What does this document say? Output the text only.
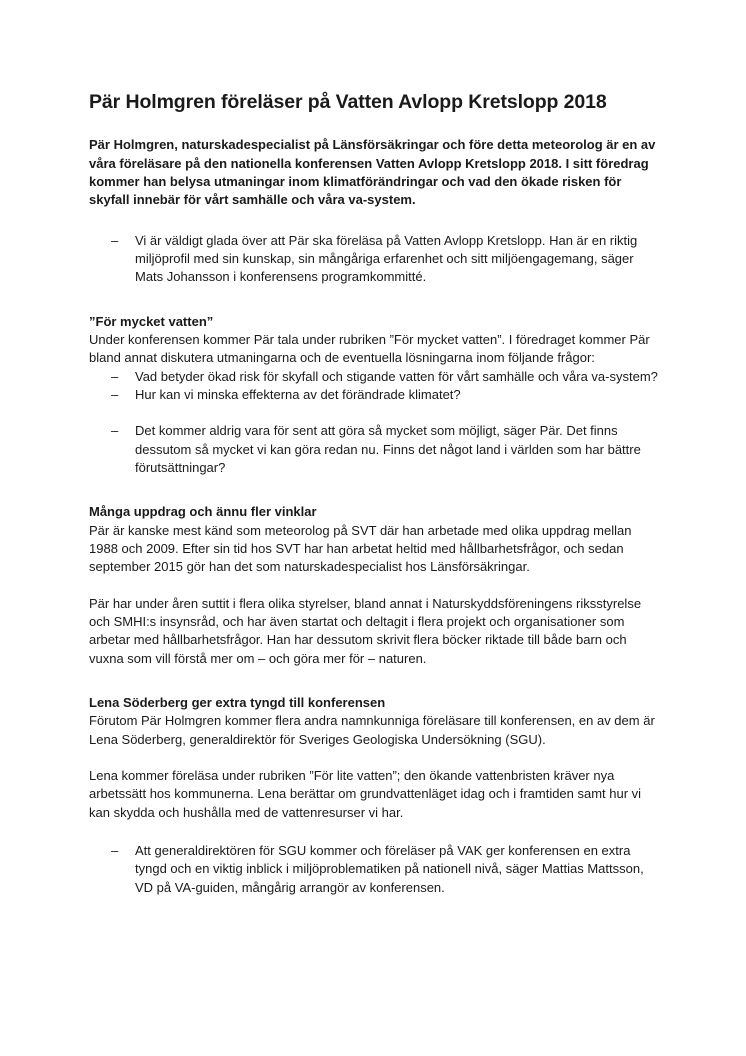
Pär Holmgren föreläser på Vatten Avlopp Kretslopp 2018
Pär Holmgren, naturskadespecialist på Länsförsäkringar och före detta meteorolog är en av våra föreläsare på den nationella konferensen Vatten Avlopp Kretslopp 2018. I sitt föredrag kommer han belysa utmaningar inom klimatförändringar och vad den ökade risken för skyfall innebär för vårt samhälle och våra va-system.
– Vi är väldigt glada över att Pär ska föreläsa på Vatten Avlopp Kretslopp. Han är en riktig miljöprofil med sin kunskap, sin mångåriga erfarenhet och sitt miljöengagemang, säger Mats Johansson i konferensens programkommitté.
”För mycket vatten”

Under konferensen kommer Pär tala under rubriken ”För mycket vatten”. I föredraget kommer Pär bland annat diskutera utmaningarna och de eventuella lösningarna inom följande frågor:

– Vad betyder ökad risk för skyfall och stigande vatten för vårt samhälle och våra va-system?
– Hur kan vi minska effekterna av det förändrade klimatet?
– Det kommer aldrig vara för sent att göra så mycket som möjligt, säger Pär. Det finns dessutom så mycket vi kan göra redan nu. Finns det något land i världen som har bättre förutsättningar?
Många uppdrag och ännu fler vinklar

Pär är kanske mest känd som meteorolog på SVT där han arbetade med olika uppdrag mellan 1988 och 2009. Efter sin tid hos SVT har han arbetat heltid med hållbarhetsfrågor, och sedan september 2015 gör han det som naturskadespecialist hos Länsförsäkringar.

Pär har under åren suttit i flera olika styrelser, bland annat i Naturskyddsföreningens riksstyrelse och SMHI:s insynsråd, och har även startat och deltagit i flera projekt och organisationer som arbetar med hållbarhetsfrågor. Han har dessutom skrivit flera böcker riktade till både barn och vuxna som vill förstå mer om – och göra mer för – naturen.

Lena Söderberg ger extra tyngd till konferensen

Förutom Pär Holmgren kommer flera andra namnkunniga föreläsare till konferensen, en av dem är Lena Söderberg, generaldirektör för Sveriges Geologiska Undersökning (SGU).

Lena kommer föreläsa under rubriken ”För lite vatten”; den ökande vattenbristen kräver nya arbetssätt hos kommunerna. Lena berättar om grundvattenläget idag och i framtiden samt hur vi kan skydda och hushålla med de vattenresurser vi har.

– Att generaldirektören för SGU kommer och föreläser på VAK ger konferensen en extra tyngd och en viktig inblick i miljöproblematiken på nationell nivå, säger Mattias Mattsson, VD på VA-guiden, mångårig arrangör av konferensen.
